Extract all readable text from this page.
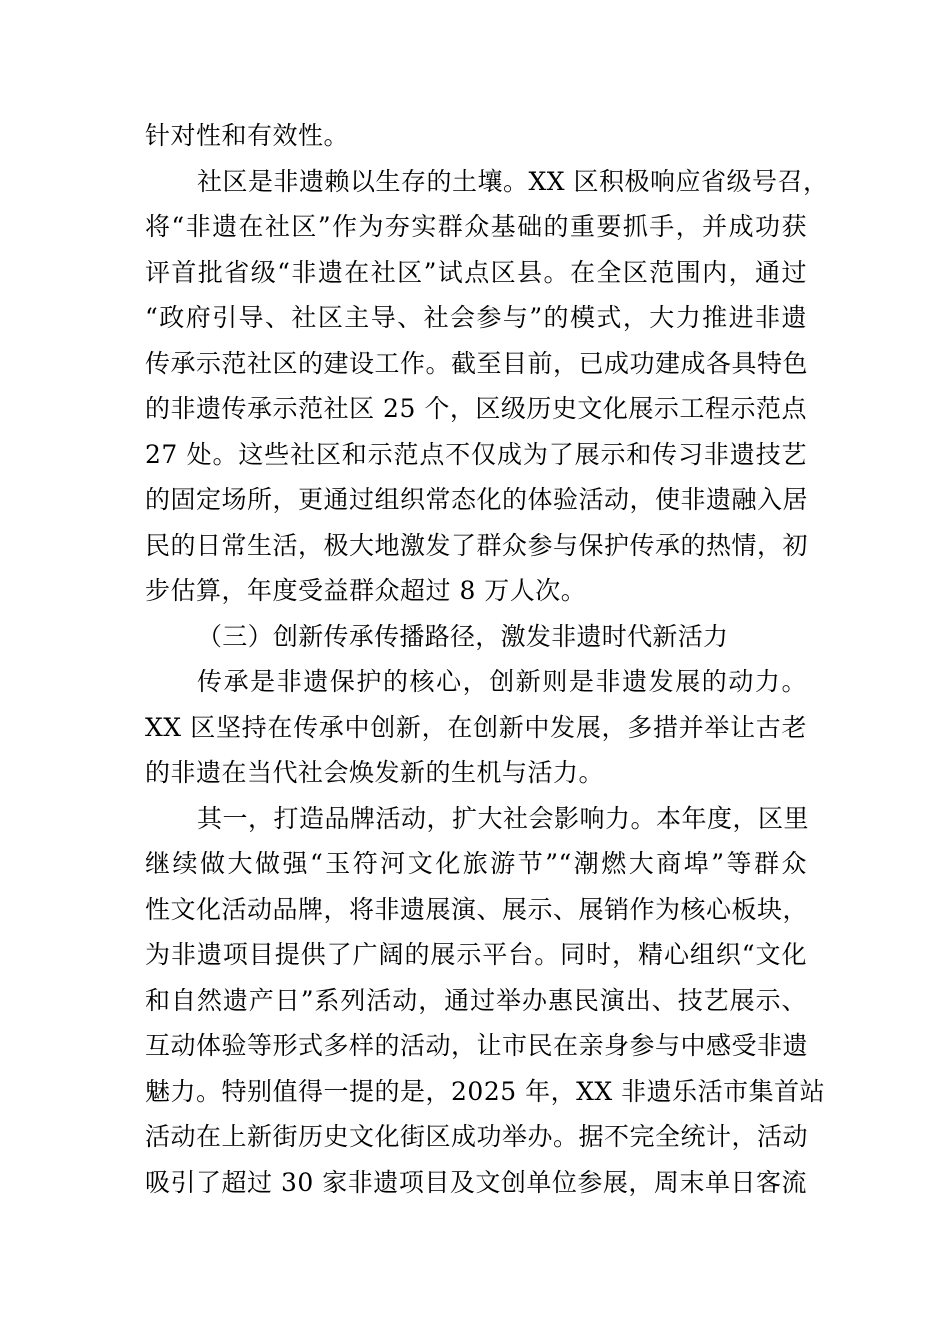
针对性和有效性。
社区是非遗赖以生存的土壤。XX 区积极响应省级号召，
将“非遗在社区”作为夯实群众基础的重要抓手，并成功获
评首批省级“非遗在社区”试点区县。在全区范围内，通过
“政府引导、社区主导、社会参与”的模式，大力推进非遗
传承示范社区的建设工作。截至目前，已成功建成各具特色
的非遗传承示范社区 25 个，区级历史文化展示工程示范点
27 处。这些社区和示范点不仅成为了展示和传习非遗技艺
的固定场所，更通过组织常态化的体验活动，使非遗融入居
民的日常生活，极大地激发了群众参与保护传承的热情，初
步估算，年度受益群众超过 8 万人次。
（三）创新传承传播路径，激发非遗时代新活力
传承是非遗保护的核心，创新则是非遗发展的动力。
XX 区坚持在传承中创新，在创新中发展，多措并举让古老
的非遗在当代社会焕发新的生机与活力。
其一，打造品牌活动，扩大社会影响力。本年度，区里
继续做大做强“玉符河文化旅游节”“潮燃大商埠”等群众
性文化活动品牌，将非遗展演、展示、展销作为核心板块，
为非遗项目提供了广阔的展示平台。同时，精心组织“文化
和自然遗产日”系列活动，通过举办惠民演出、技艺展示、
互动体验等形式多样的活动，让市民在亲身参与中感受非遗
魅力。特别值得一提的是，2025 年，XX 非遗乐活市集首站
活动在上新街历史文化街区成功举办。据不完全统计，活动
吸引了超过 30 家非遗项目及文创单位参展，周末单日客流
